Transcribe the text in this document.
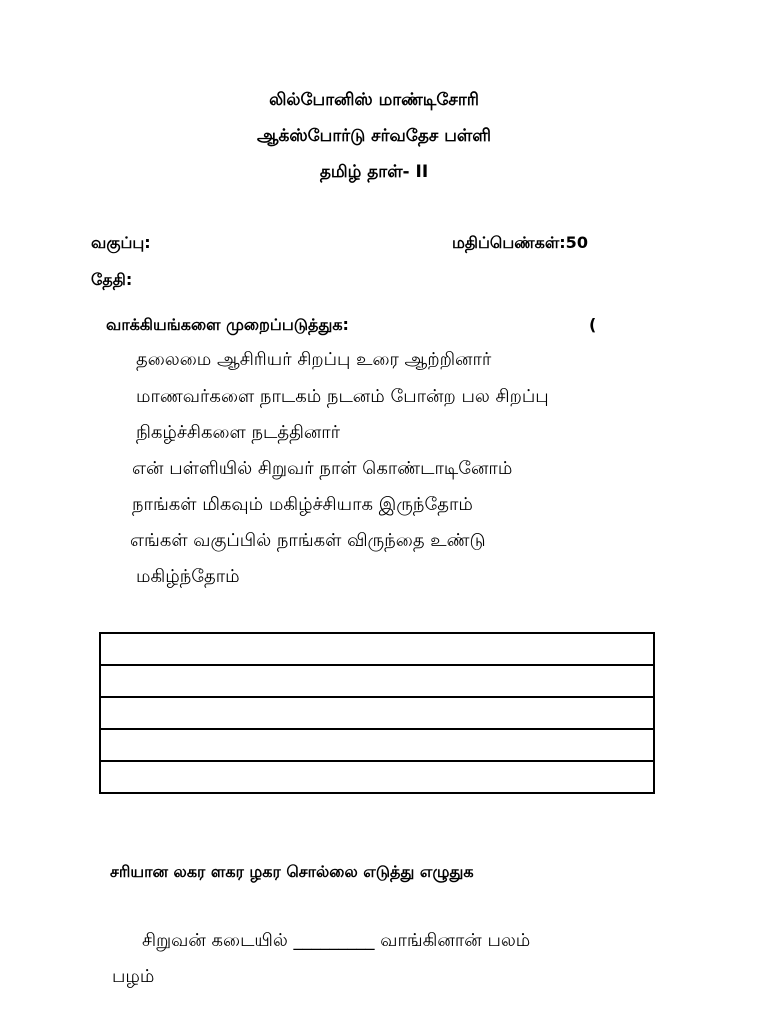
லில்போனிஸ் மாண்டிசோரி
ஆக்ஸ்போர்டு சர்வதேச பள்ளி
தமிழ் தாள்- II
வகுப்பு:	மதிப்பெண்கள்:50
தேதி:
வாக்கியங்களை முறைப்படுத்துக:	(
தலைமை ஆசிரியர் சிறப்பு உரை ஆற்றினார்
மாணவர்களை நாடகம் நடனம் போன்ற பல சிறப்பு
நிகழ்ச்சிகளை நடத்தினார்
என் பள்ளியில் சிறுவர் நாள் கொண்டாடினோம்
நாங்கள் மிகவும் மகிழ்ச்சியாக இருந்தோம்
எங்கள் வகுப்பில் நாங்கள் விருந்தை உண்டு
மகிழ்ந்தோம்

சரியான லகர ளகர ழகர சொல்லை எடுத்து எழுதுக
சிறுவன் கடையில் _________ வாங்கினான் பலம்
பழம்
